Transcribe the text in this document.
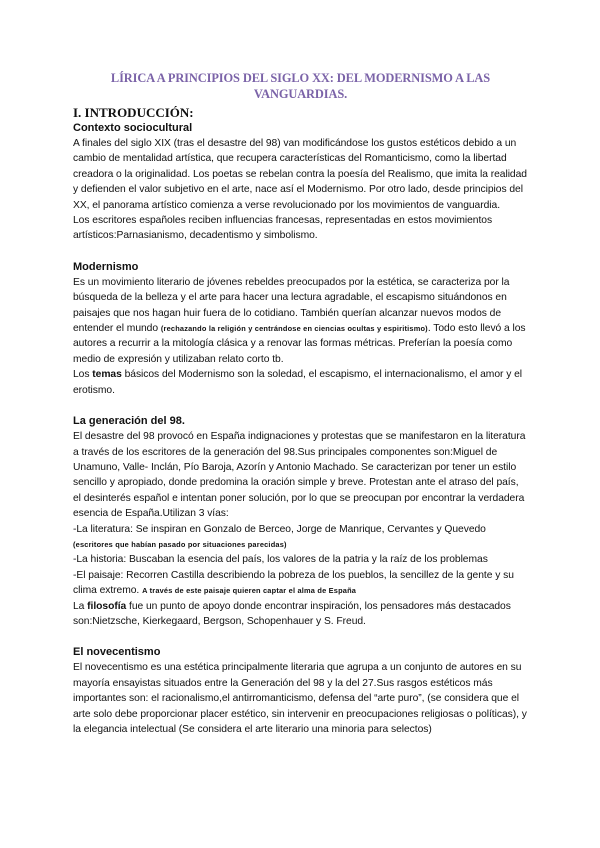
LÍRICA A PRINCIPIOS DEL SIGLO XX: DEL MODERNISMO A LAS VANGUARDIAS.
I. INTRODUCCIÓN:
Contexto sociocultural

A finales del siglo XIX (tras el desastre del 98) van modificándose los gustos estéticos debido a un cambio de mentalidad artística, que recupera características del Romanticismo, como la libertad creadora o la originalidad. Los poetas se rebelan contra la poesía del Realismo, que imita la realidad y defienden el valor subjetivo en el arte, nace así el Modernismo. Por otro lado, desde principios del XX, el panorama artístico comienza a verse revolucionado por los movimientos de vanguardia.

Los escritores españoles reciben influencias francesas, representadas en estos movimientos artísticos:Parnasianismo, decadentismo y simbolismo.

Modernismo

Es un movimiento literario de jóvenes rebeldes preocupados por la estética, se caracteriza por la búsqueda de la belleza y el arte para hacer una lectura agradable, el escapismo situándonos en paisajes que nos hagan huir fuera de lo cotidiano. También querían alcanzar nuevos modos de entender el mundo (rechazando la religión y centrándose en ciencias ocultas y espiritismo). Todo esto llevó a los autores a recurrir a la mitología clásica y a renovar las formas métricas. Preferían la poesía como medio de expresión y utilizaban relato corto tb.

Los temas básicos del Modernismo son la soledad, el escapismo, el internacionalismo, el amor y el erotismo.

La generación del 98.

El desastre del 98 provocó en España indignaciones y protestas que se manifestaron en la literatura a través de los escritores de la generación del 98.Sus principales componentes son:Miguel de Unamuno, Valle- Inclán, Pío Baroja, Azorín y Antonio Machado. Se caracterizan por tener un estilo sencillo y apropiado, donde predomina la oración simple y breve. Protestan ante el atraso del país, el desinterés español e intentan poner solución, por lo que se preocupan por encontrar la verdadera esencia de España.Utilizan 3 vías:

-La literatura: Se inspiran en Gonzalo de Berceo, Jorge de Manrique, Cervantes y Quevedo
(escritores que habían pasado por situaciones parecidas)

-La historia: Buscaban la esencia del país, los valores de la patria y la raíz de los problemas

-El paisaje: Recorren Castilla describiendo la pobreza de los pueblos, la sencillez de la gente y su clima extremo. A través de este paisaje quieren captar el alma de España

La filosofía fue un punto de apoyo donde encontrar inspiración, los pensadores más destacados son:Nietzsche, Kierkegaard, Bergson, Schopenhauer y S. Freud.

El novecentismo

El novecentismo es una estética principalmente literaria que agrupa a un conjunto de autores en su mayoría ensayistas situados entre la Generación del 98 y la del 27.Sus rasgos estéticos más importantes son: el racionalismo,el antirromanticismo, defensa del “arte puro”, (se considera que el arte solo debe proporcionar placer estético, sin intervenir en preocupaciones religiosas o políticas), y la elegancia intelectual (Se considera el arte literario una minoria para selectos)
